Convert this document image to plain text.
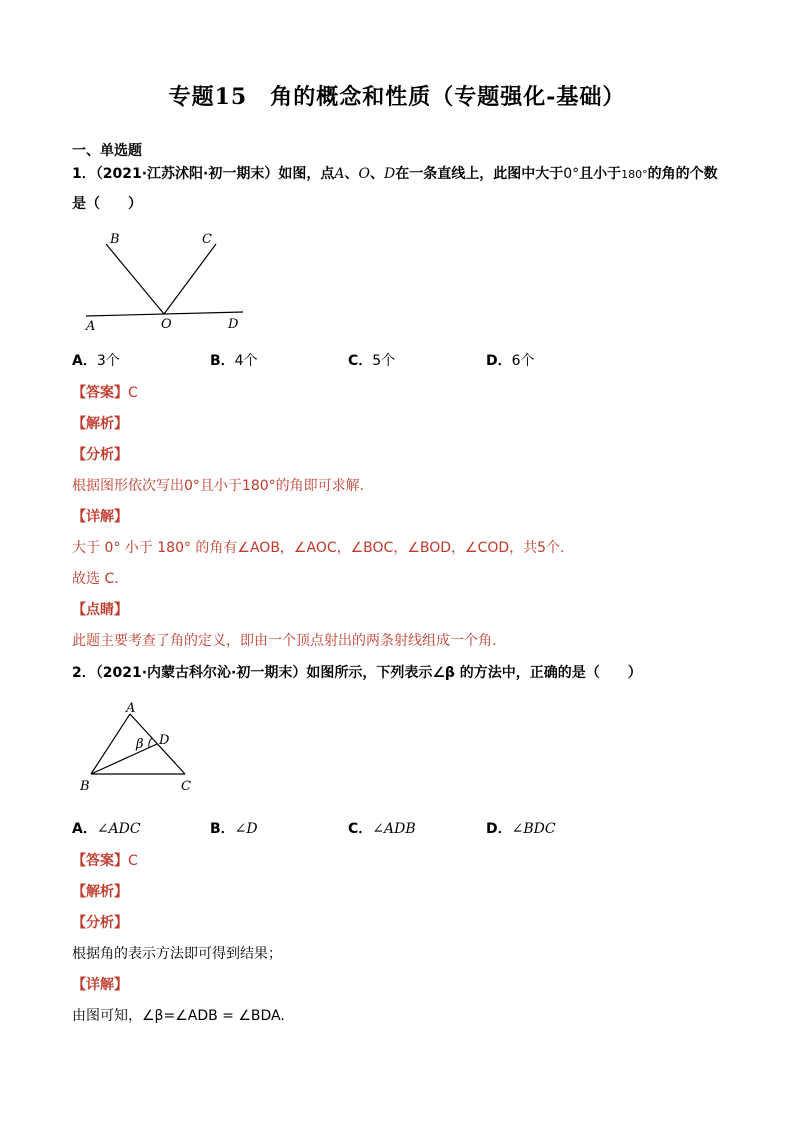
专题15　角的概念和性质（专题强化-基础）
一、单选题
1．（2021·江苏沭阳·初一期末）如图，点A、O、D在一条直线上，此图中大于0°且小于180°的角的个数
是（　　）
B	C
A	O	D
A．3个	B．4个	C．5个	D．6个
【答案】C
【解析】
【分析】
根据图形依次写出0°且小于180°的角即可求解.
【详解】
大于 0° 小于 180° 的角有∠AOB，∠AOC，∠BOC，∠BOD，∠COD，共5个.
故选 C.
【点睛】
此题主要考查了角的定义，即由一个顶点射出的两条射线组成一个角.
2．（2021·内蒙古科尔沁·初一期末）如图所示，下列表示∠β 的方法中，正确的是（　　）
A
β D
B	C
A．∠ADC	B．∠D	C．∠ADB	D．∠BDC
【答案】C
【解析】
【分析】
根据角的表示方法即可得到结果；
【详解】
由图可知，∠β=∠ADB = ∠BDA.
